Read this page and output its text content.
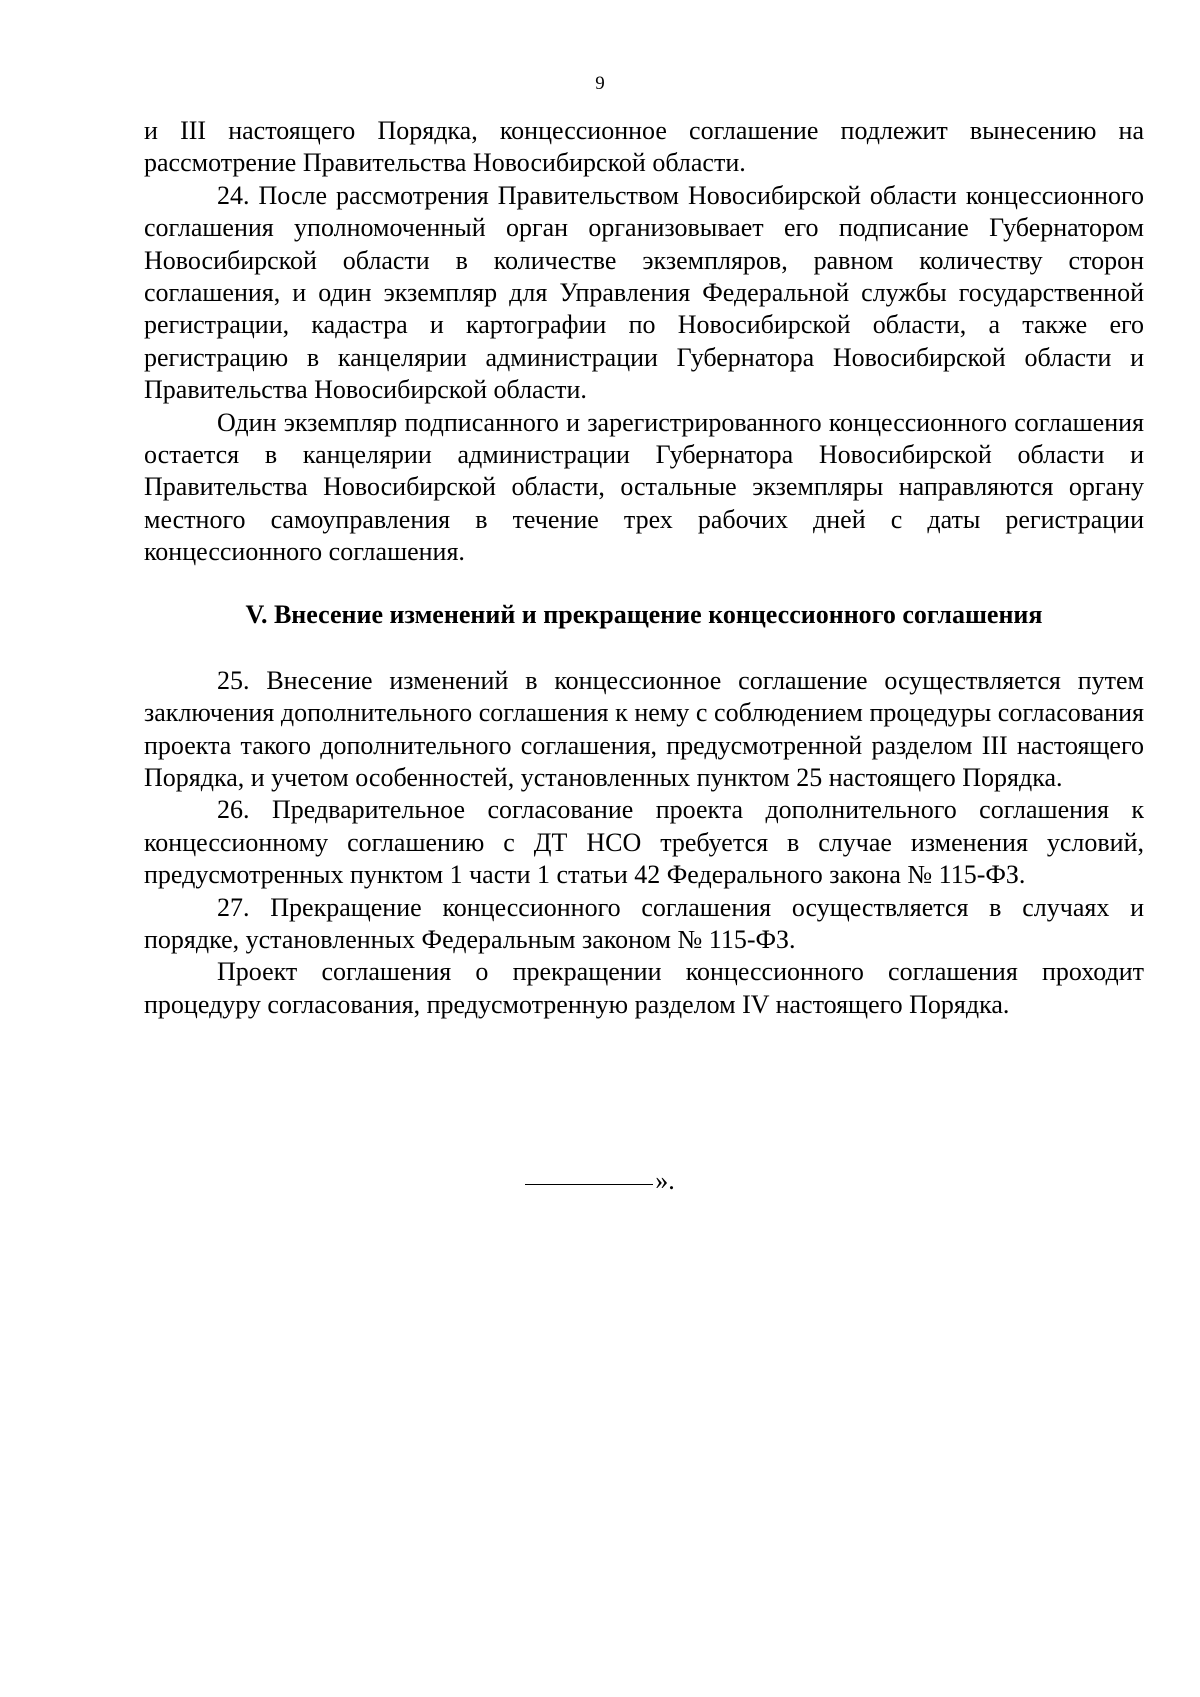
9

и III настоящего Порядка, концессионное соглашение подлежит вынесению на рассмотрение Правительства Новосибирской области.

24. После рассмотрения Правительством Новосибирской области концессионного соглашения уполномоченный орган организовывает его подписание Губернатором Новосибирской области в количестве экземпляров, равном количеству сторон соглашения, и один экземпляр для Управления Федеральной службы государственной регистрации, кадастра и картографии по Новосибирской области, а также его регистрацию в канцелярии администрации Губернатора Новосибирской области и Правительства Новосибирской области.

Один экземпляр подписанного и зарегистрированного концессионного соглашения остается в канцелярии администрации Губернатора Новосибирской области и Правительства Новосибирской области, остальные экземпляры направляются органу местного самоуправления в течение трех рабочих дней с даты регистрации концессионного соглашения.

V. Внесение изменений и прекращение концессионного соглашения

25. Внесение изменений в концессионное соглашение осуществляется путем заключения дополнительного соглашения к нему с соблюдением процедуры согласования проекта такого дополнительного соглашения, предусмотренной разделом III настоящего Порядка, и учетом особенностей, установленных пунктом 25 настоящего Порядка.

26. Предварительное согласование проекта дополнительного соглашения к концессионному соглашению с ДТ НСО требуется в случае изменения условий, предусмотренных пунктом 1 части 1 статьи 42 Федерального закона № 115-ФЗ.

27. Прекращение концессионного соглашения осуществляется в случаях и порядке, установленных Федеральным законом № 115-ФЗ.

Проект соглашения о прекращении концессионного соглашения проходит процедуру согласования, предусмотренную разделом IV настоящего Порядка.

».
